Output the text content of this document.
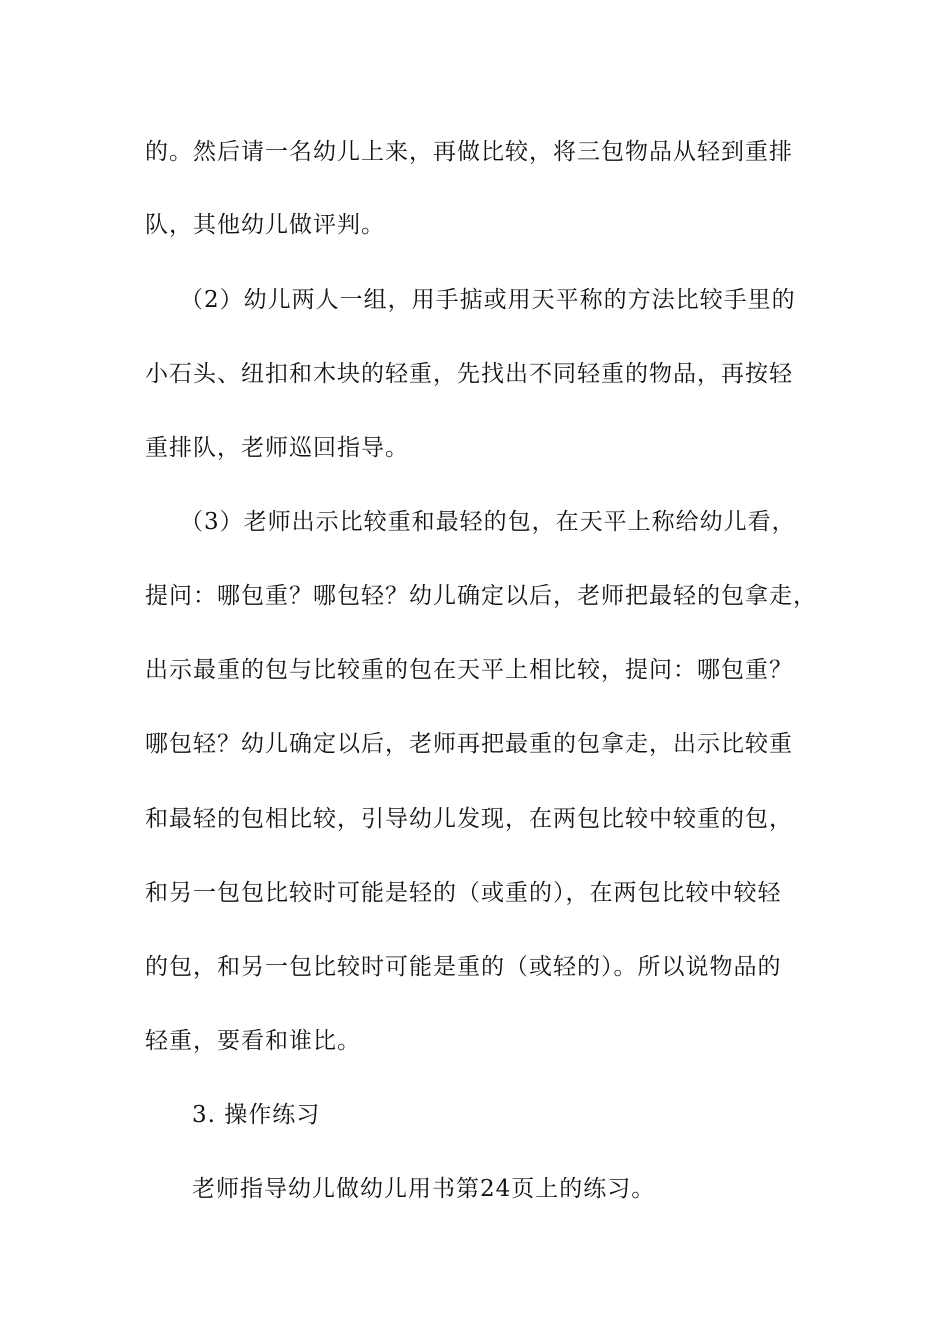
的。然后请一名幼儿上来，再做比较，将三包物品从轻到重排
队，其他幼儿做评判。
（2）幼儿两人一组，用手掂或用天平称的方法比较手里的
小石头、纽扣和木块的轻重，先找出不同轻重的物品，再按轻
重排队，老师巡回指导。
（3）老师出示比较重和最轻的包，在天平上称给幼儿看，
提问：哪包重？哪包轻？幼儿确定以后，老师把最轻的包拿走，
出示最重的包与比较重的包在天平上相比较，提问：哪包重？
哪包轻？幼儿确定以后，老师再把最重的包拿走，出示比较重
和最轻的包相比较，引导幼儿发现，在两包比较中较重的包，
和另一包包比较时可能是轻的（或重的），在两包比较中较轻
的包，和另一包比较时可能是重的（或轻的）。所以说物品的
轻重，要看和谁比。
3. 操作练习
老师指导幼儿做幼儿用书第24页上的练习。
